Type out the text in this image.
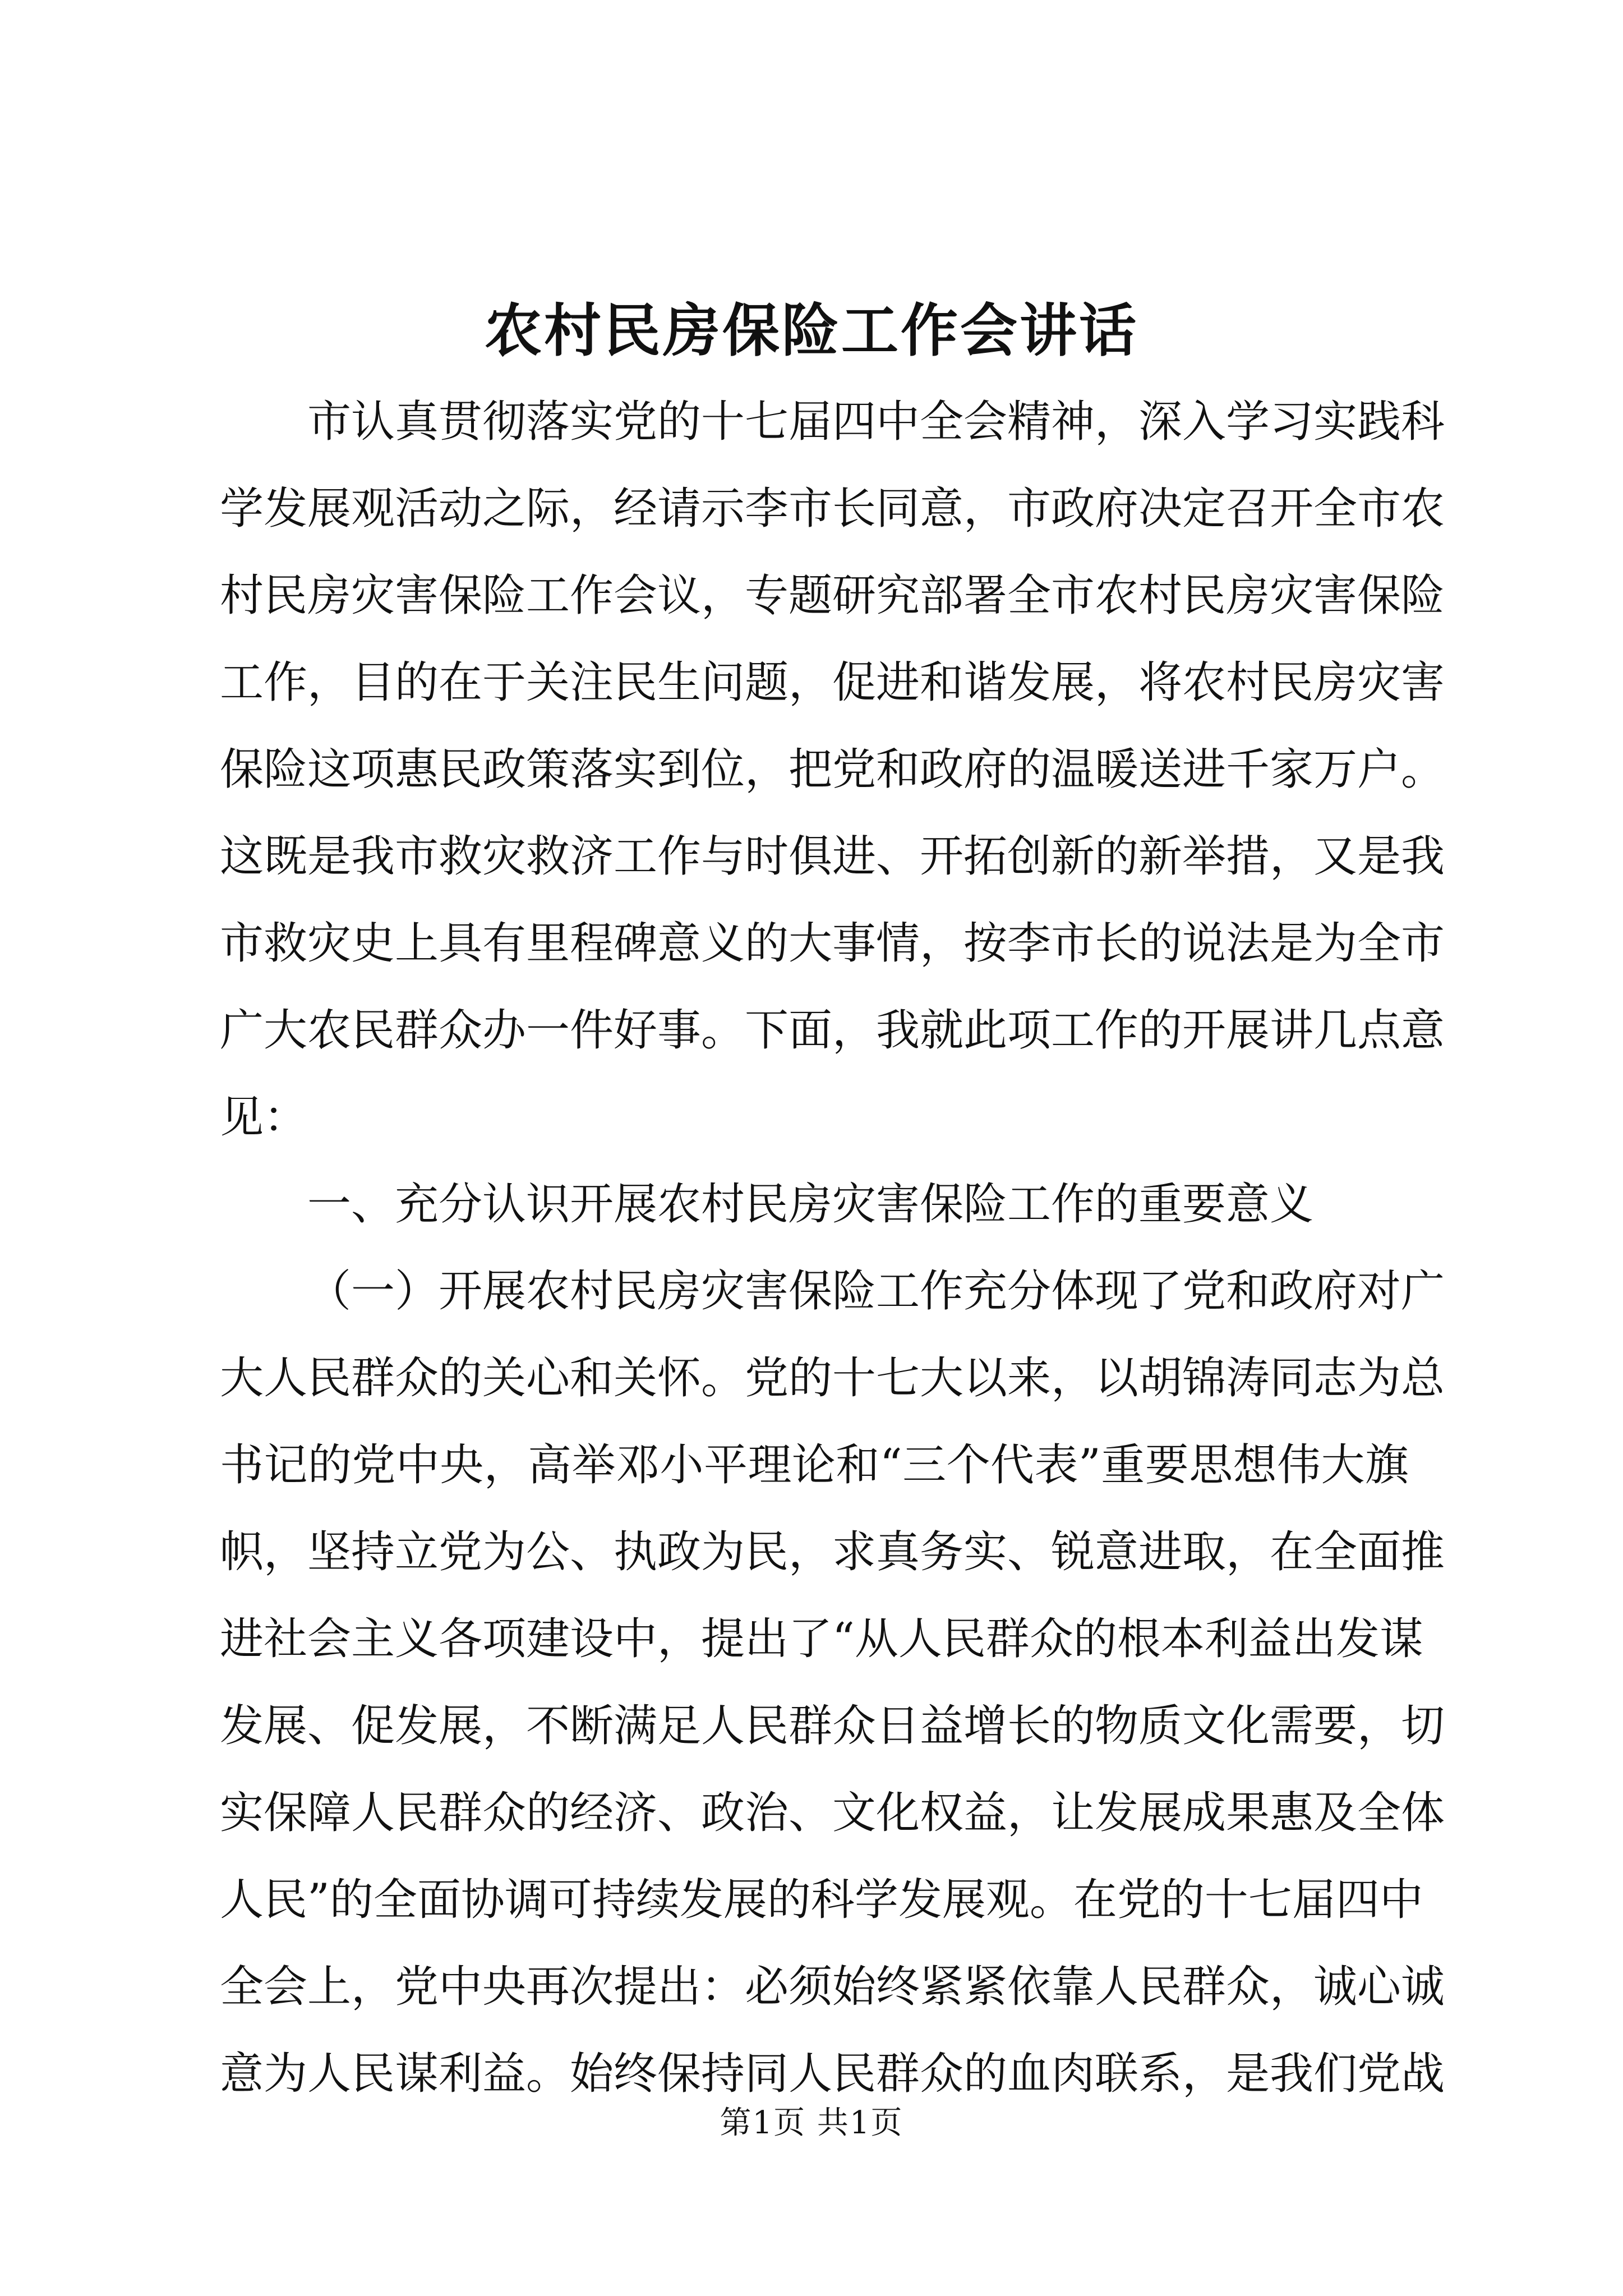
农村民房保险工作会讲话
市认真贯彻落实党的十七届四中全会精神，深入学习实践科
学发展观活动之际，经请示李市长同意，市政府决定召开全市农
村民房灾害保险工作会议，专题研究部署全市农村民房灾害保险
工作，目的在于关注民生问题，促进和谐发展，将农村民房灾害
保险这项惠民政策落实到位，把党和政府的温暖送进千家万户。
这既是我市救灾救济工作与时俱进、开拓创新的新举措，又是我
市救灾史上具有里程碑意义的大事情，按李市长的说法是为全市
广大农民群众办一件好事。下面，我就此项工作的开展讲几点意
见：
一、充分认识开展农村民房灾害保险工作的重要意义
（一）开展农村民房灾害保险工作充分体现了党和政府对广
大人民群众的关心和关怀。党的十七大以来，以胡锦涛同志为总
书记的党中央，高举邓小平理论和“三个代表”重要思想伟大旗
帜，坚持立党为公、执政为民，求真务实、锐意进取，在全面推
进社会主义各项建设中，提出了“从人民群众的根本利益出发谋
发展、促发展，不断满足人民群众日益增长的物质文化需要，切
实保障人民群众的经济、政治、文化权益，让发展成果惠及全体
人民”的全面协调可持续发展的科学发展观。在党的十七届四中
全会上，党中央再次提出：必须始终紧紧依靠人民群众，诚心诚
意为人民谋利益。始终保持同人民群众的血肉联系，是我们党战
第1页 共1页
